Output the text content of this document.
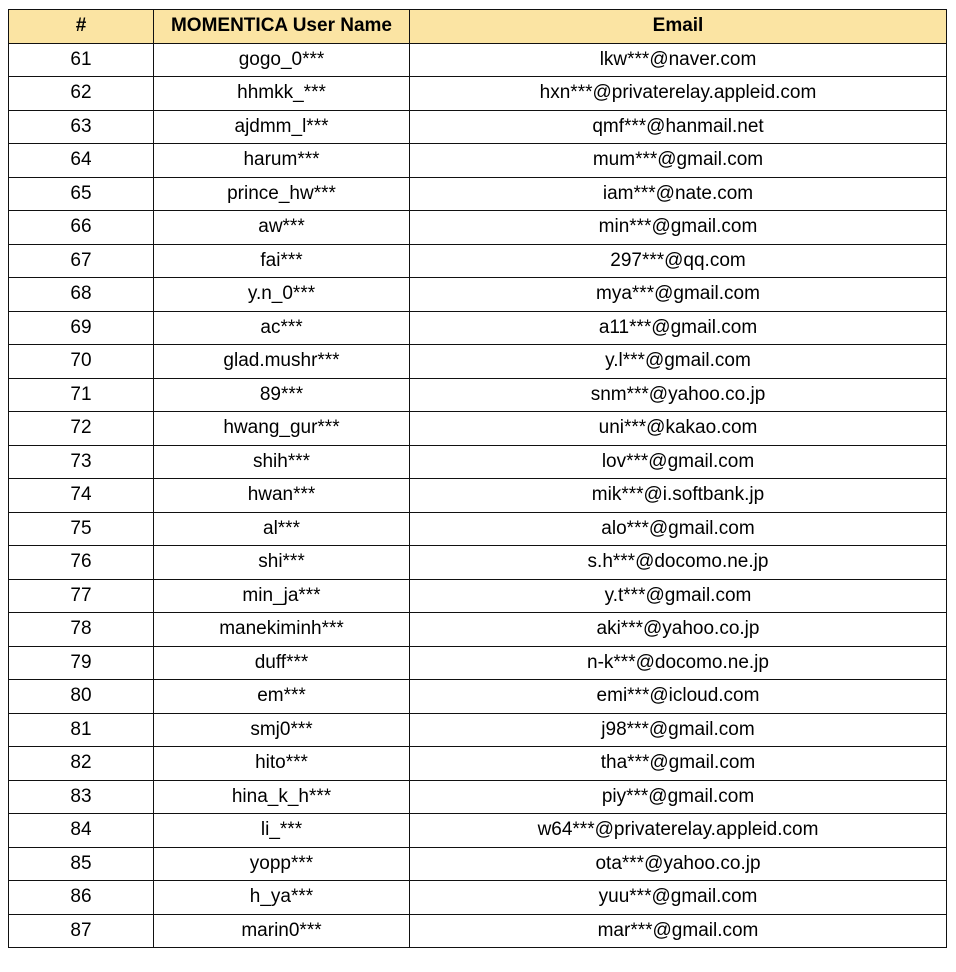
#	MOMENTICA User Name	Email
61	gogo_0***	lkw***@naver.com
62	hhmkk_***	hxn***@privaterelay.appleid.com
63	ajdmm_l***	qmf***@hanmail.net
64	harum***	mum***@gmail.com
65	prince_hw***	iam***@nate.com
66	aw***	min***@gmail.com
67	fai***	297***@qq.com
68	y.n_0***	mya***@gmail.com
69	ac***	a11***@gmail.com
70	glad.mushr***	y.l***@gmail.com
71	89***	snm***@yahoo.co.jp
72	hwang_gur***	uni***@kakao.com
73	shih***	lov***@gmail.com
74	hwan***	mik***@i.softbank.jp
75	al***	alo***@gmail.com
76	shi***	s.h***@docomo.ne.jp
77	min_ja***	y.t***@gmail.com
78	manekiminh***	aki***@yahoo.co.jp
79	duff***	n-k***@docomo.ne.jp
80	em***	emi***@icloud.com
81	smj0***	j98***@gmail.com
82	hito***	tha***@gmail.com
83	hina_k_h***	piy***@gmail.com
84	li_***	w64***@privaterelay.appleid.com
85	yopp***	ota***@yahoo.co.jp
86	h_ya***	yuu***@gmail.com
87	marin0***	mar***@gmail.com
